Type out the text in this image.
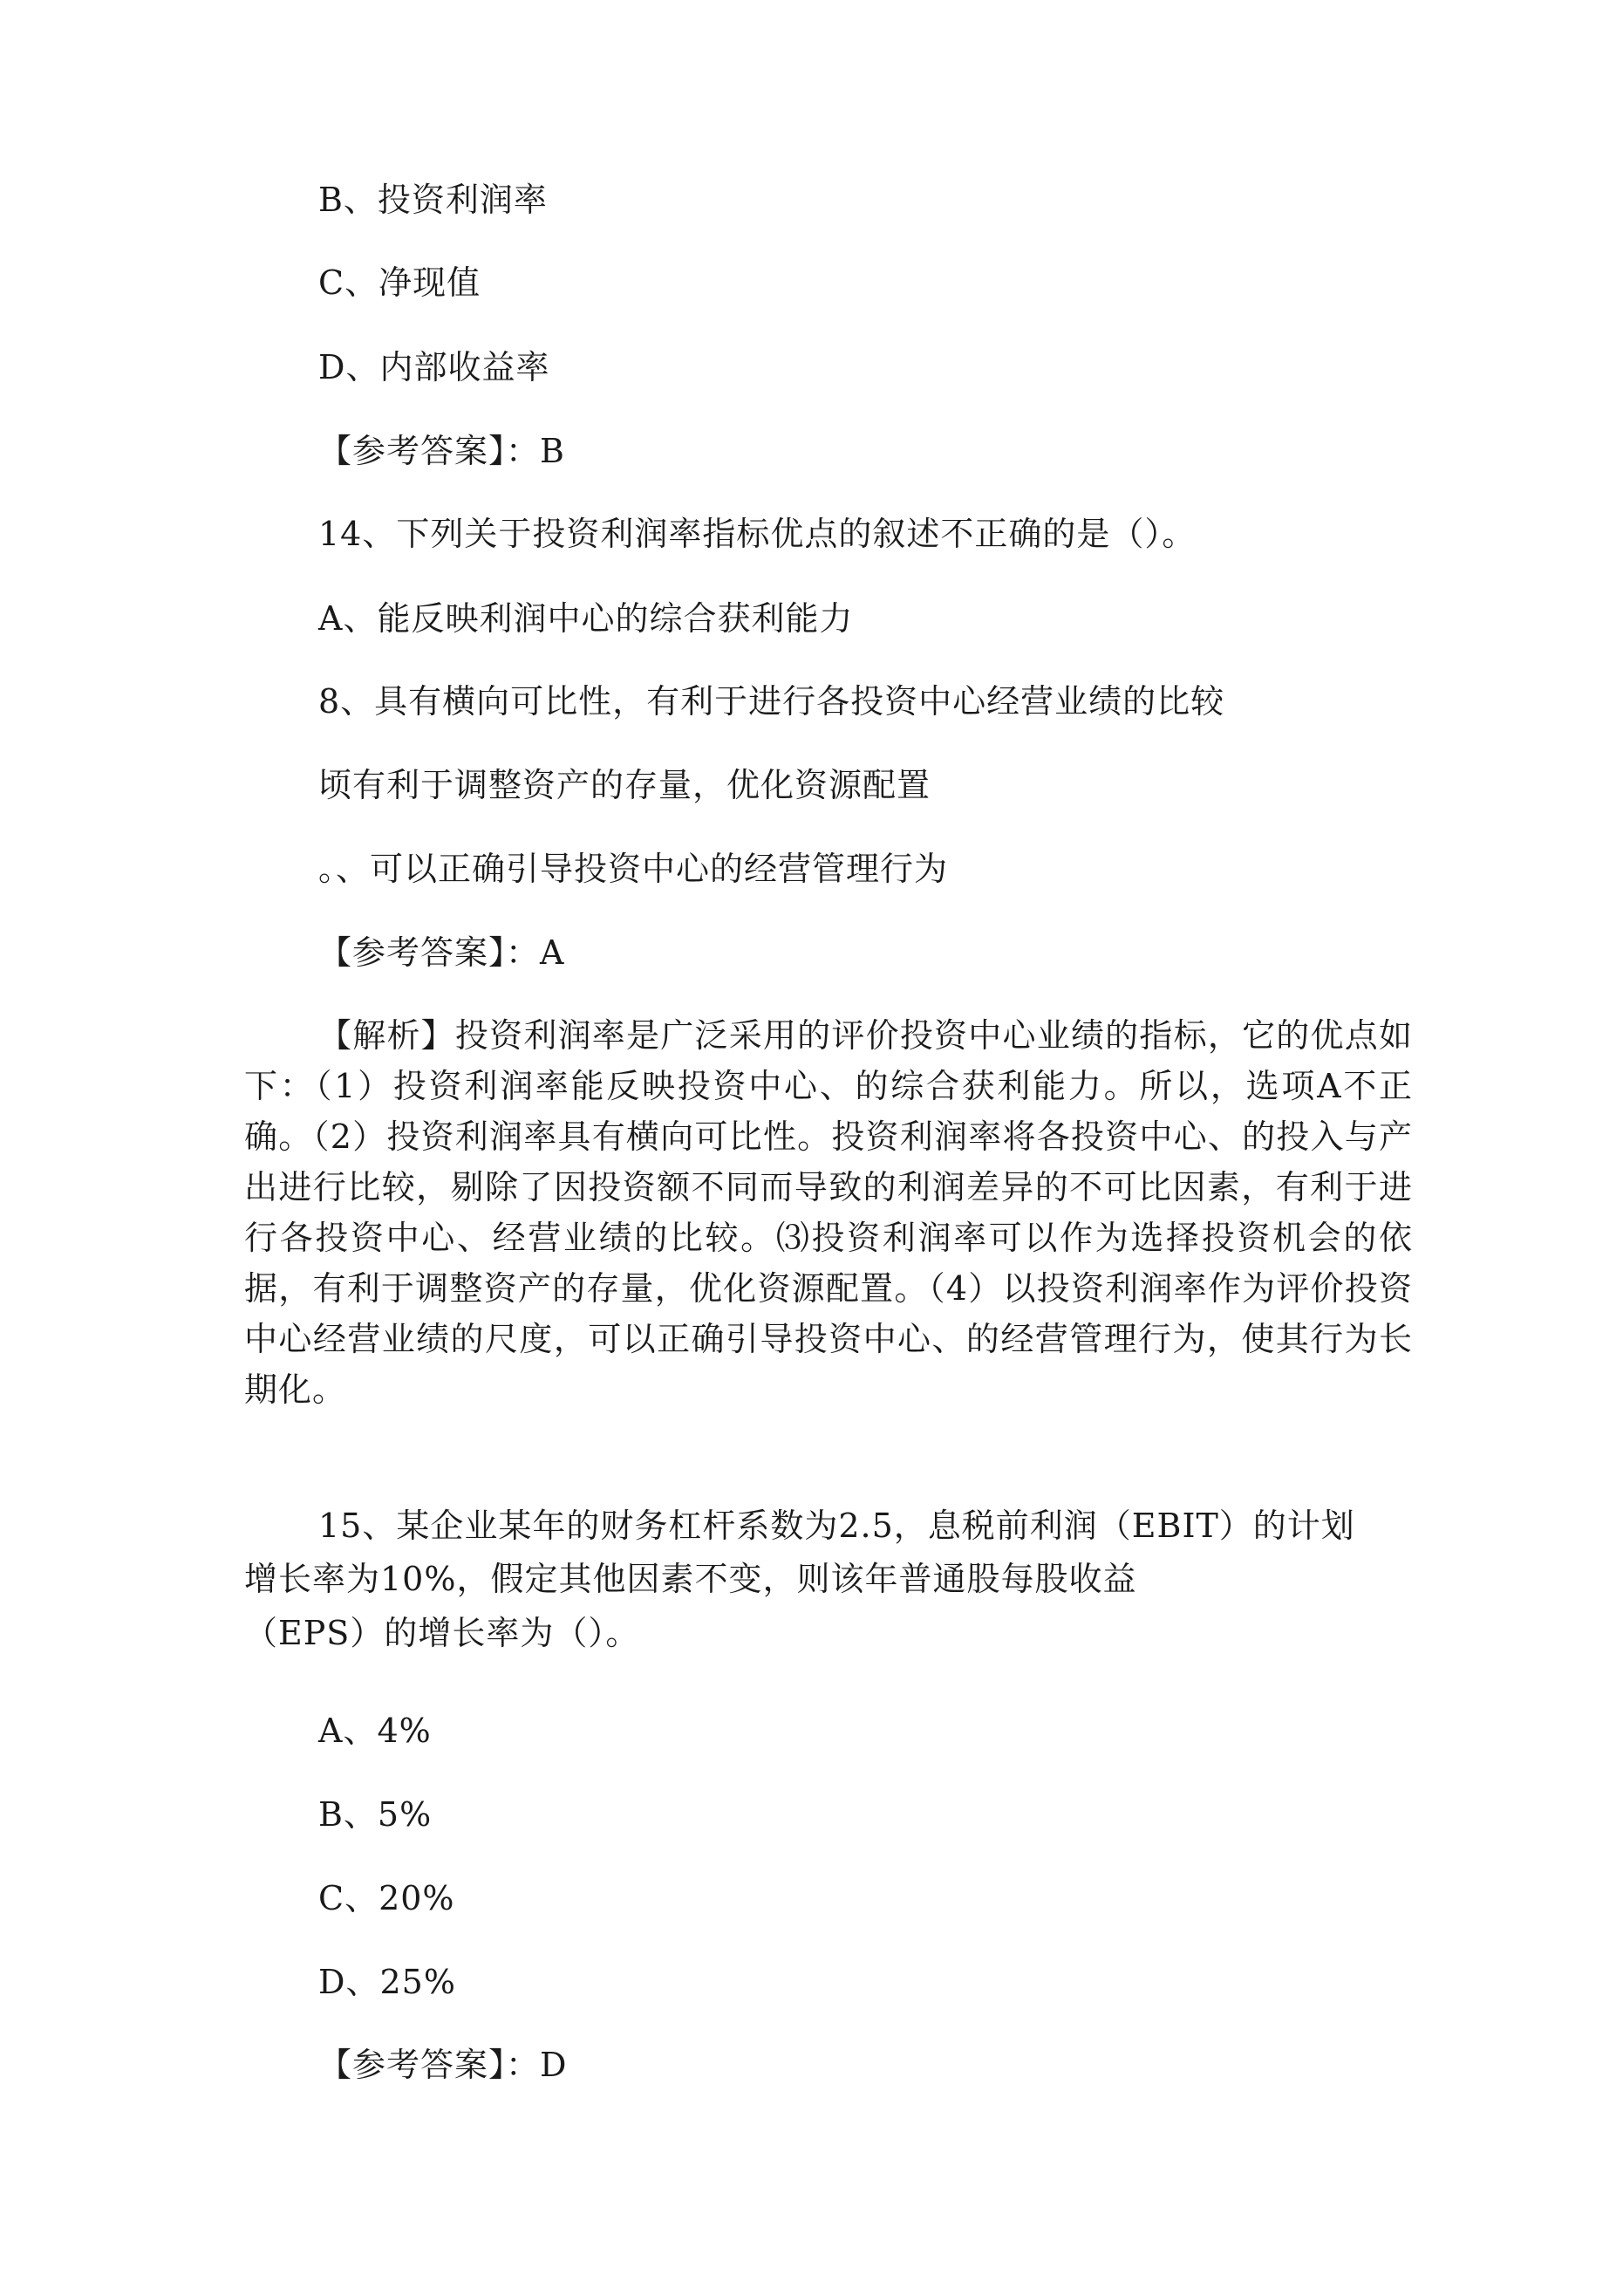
B、投资利润率
C、净现值
D、内部收益率
【参考答案】：B
14、下列关于投资利润率指标优点的叙述不正确的是（）。
A、能反映利润中心的综合获利能力
8、具有横向可比性，有利于进行各投资中心经营业绩的比较
顷有利于调整资产的存量，优化资源配置
。、可以正确引导投资中心的经营管理行为
【参考答案】：A
【解析】投资利润率是广泛采用的评价投资中心业绩的指标，它的优点如下：（1）投资利润率能反映投资中心、的综合获利能力。所以，选项A不正确。（2）投资利润率具有横向可比性。投资利润率将各投资中心、的投入与产出进行比较，剔除了因投资额不同而导致的利润差异的不可比因素，有利于进行各投资中心、经营业绩的比较。⑶投资利润率可以作为选择投资机会的依据，有利于调整资产的存量，优化资源配置。（4）以投资利润率作为评价投资中心经营业绩的尺度，可以正确引导投资中心、的经营管理行为，使其行为长期化。
15、某企业某年的财务杠杆系数为2.5，息税前利润（EBIT）的计划
增长率为10%，假定其他因素不变，则该年普通股每股收益
（EPS）的增长率为（）。
A、4%
B、5%
C、20%
D、25%
【参考答案】：D
